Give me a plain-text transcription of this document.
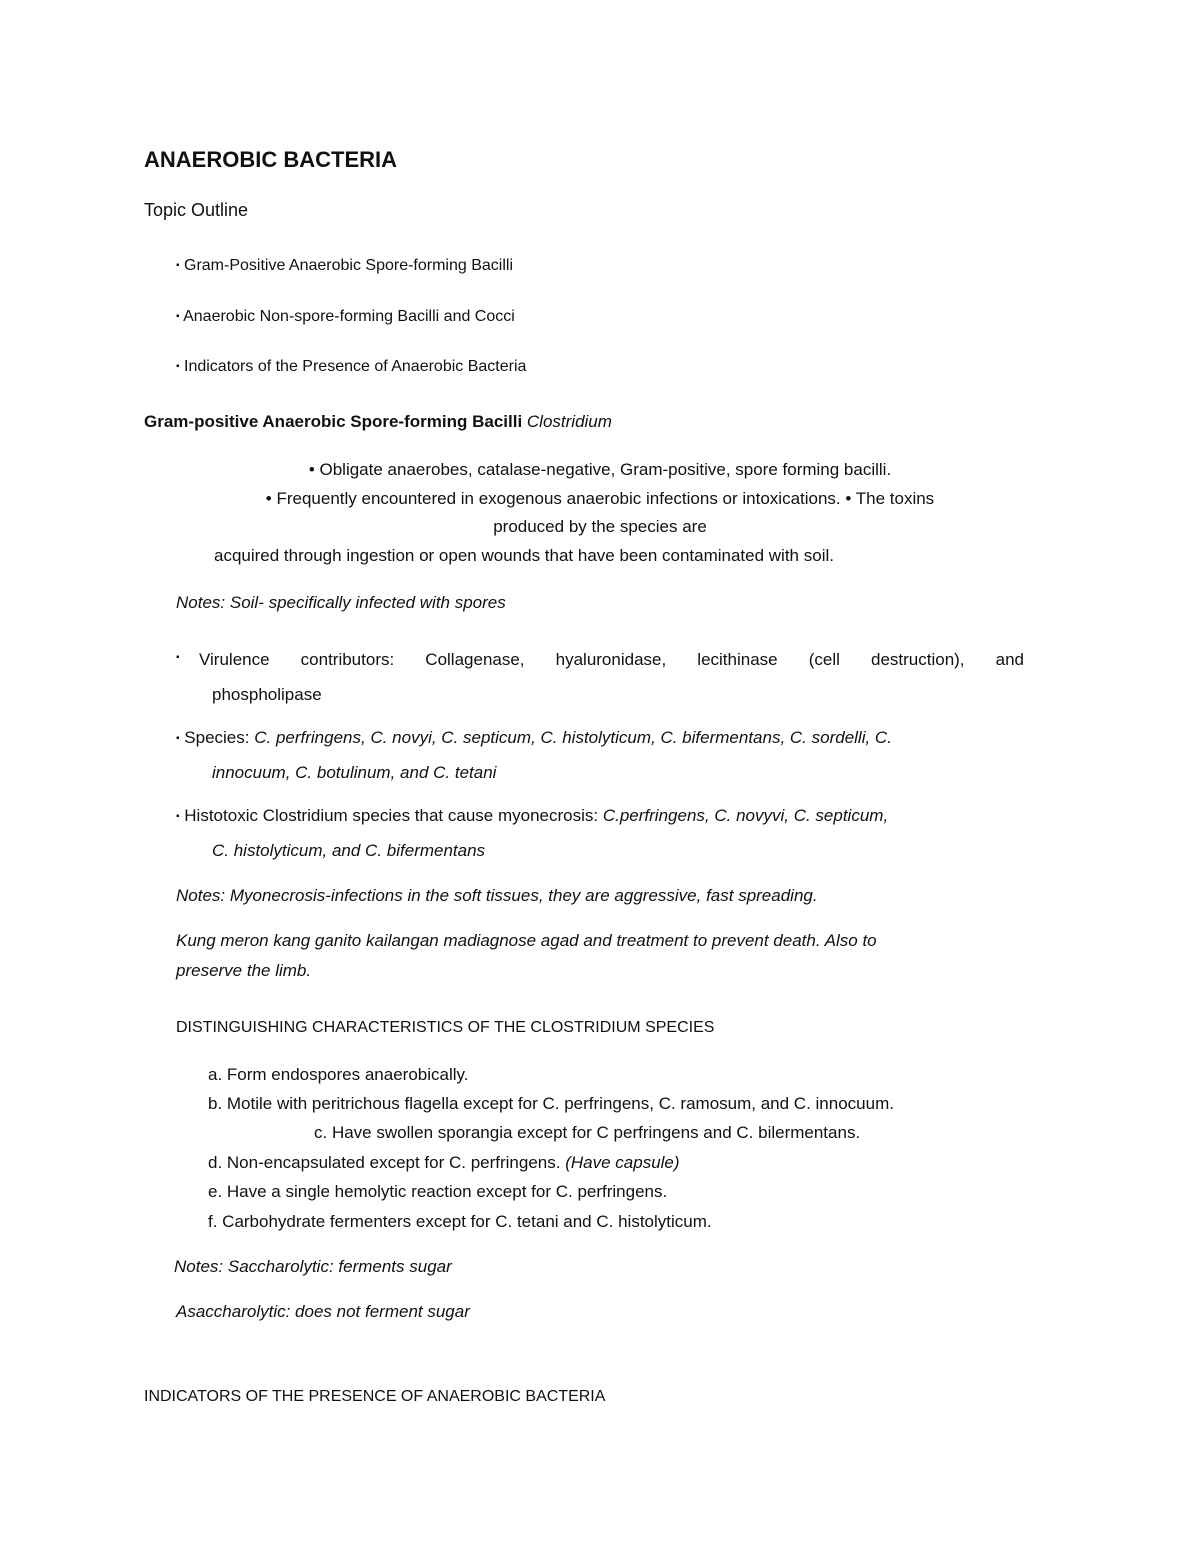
ANAEROBIC BACTERIA
Topic Outline
▪ Gram-Positive Anaerobic Spore-forming Bacilli
▪ Anaerobic Non-spore-forming Bacilli and Cocci
▪ Indicators of the Presence of Anaerobic Bacteria
Gram-positive Anaerobic Spore-forming Bacilli Clostridium
• Obligate anaerobes, catalase-negative, Gram-positive, spore forming bacilli.
• Frequently encountered in exogenous anaerobic infections or intoxications. • The toxins
produced by the species are
acquired through ingestion or open wounds that have been contaminated with soil.
Notes: Soil- specifically infected with spores
▪ Virulence contributors: Collagenase, hyaluronidase, lecithinase (cell destruction), and
phospholipase
▪ Species: C. perfringens, C. novyi, C. septicum, C. histolyticum, C. bifermentans, C. sordelli, C.
innocuum, C. botulinum, and C. tetani
▪ Histotoxic Clostridium species that cause myonecrosis: C.perfringens, C. novyvi, C. septicum,
C. histolyticum, and C. bifermentans
Notes: Myonecrosis-infections in the soft tissues, they are aggressive, fast spreading.
Kung meron kang ganito kailangan madiagnose agad and treatment to prevent death. Also to
preserve the limb.
DISTINGUISHING CHARACTERISTICS OF THE CLOSTRIDIUM SPECIES
a. Form endospores anaerobically.
b. Motile with peritrichous flagella except for C. perfringens, C. ramosum, and C. innocuum.
c. Have swollen sporangia except for C perfringens and C. bilermentans.
d. Non-encapsulated except for C. perfringens. (Have capsule)
e. Have a single hemolytic reaction except for C. perfringens.
f. Carbohydrate fermenters except for C. tetani and C. histolyticum.
Notes: Saccharolytic: ferments sugar
Asaccharolytic: does not ferment sugar
INDICATORS OF THE PRESENCE OF ANAEROBIC BACTERIA
